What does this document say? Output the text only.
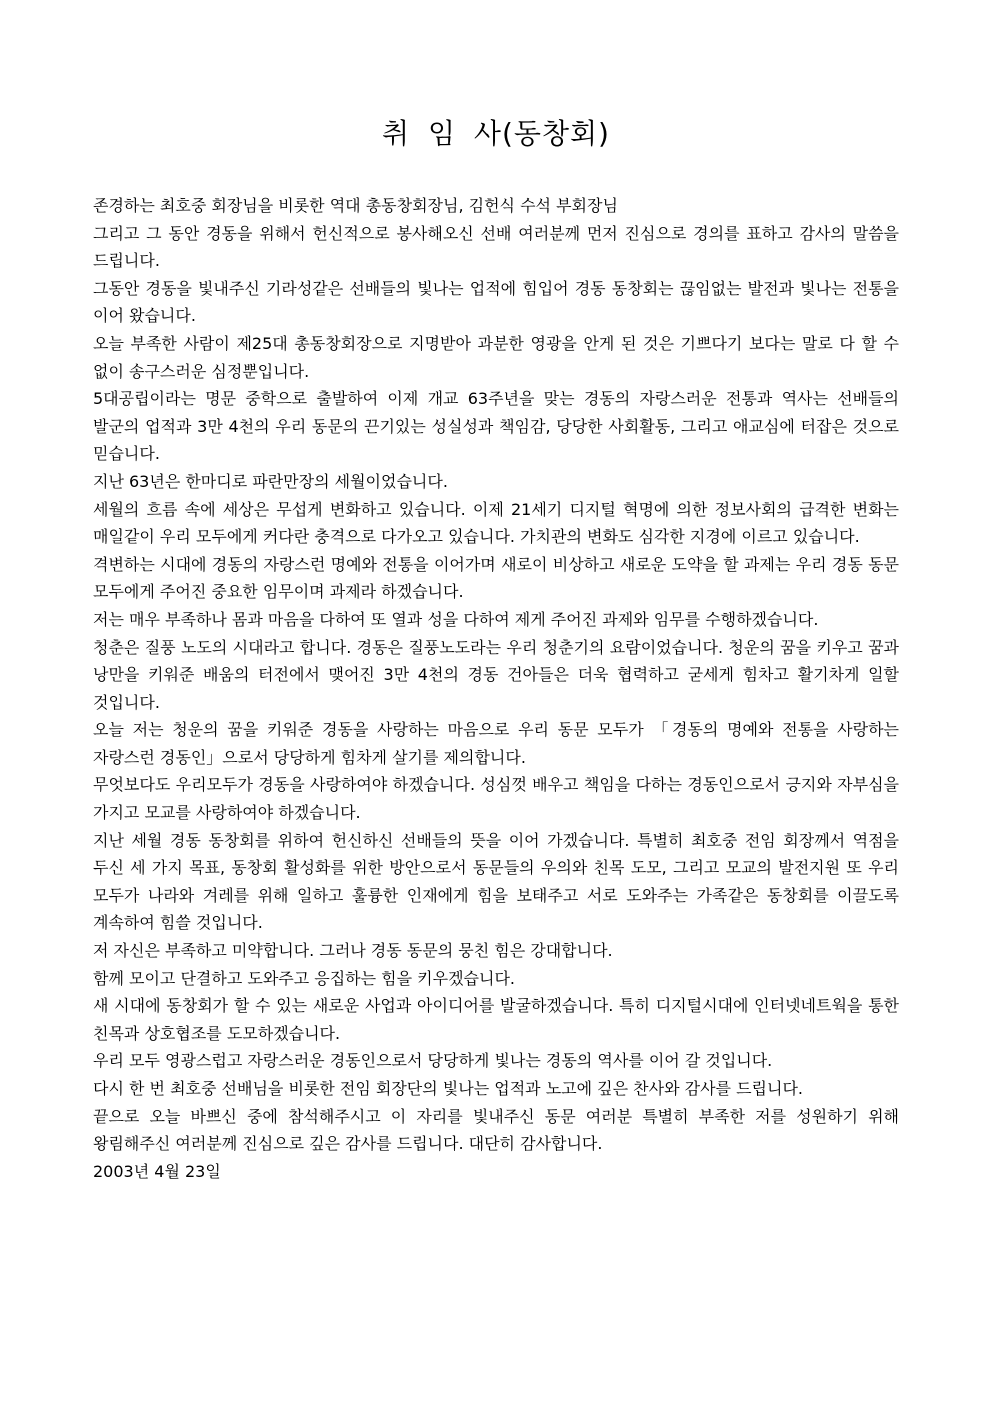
취 임 사(동창회)

존경하는 최호중 회장님을 비롯한 역대 총동창회장님, 김헌식 수석 부회장님

그리고 그 동안 경동을 위해서 헌신적으로 봉사해오신 선배 여러분께 먼저 진심으로 경의를 표하고 감사의 말씀을 드립니다.

그동안 경동을 빛내주신 기라성같은 선배들의 빛나는 업적에 힘입어 경동 동창회는 끊임없는 발전과 빛나는 전통을 이어 왔습니다.

오늘 부족한 사람이 제25대 총동창회장으로 지명받아 과분한 영광을 안게 된 것은 기쁘다기 보다는 말로 다 할 수 없이 송구스러운 심정뿐입니다.

5대공립이라는 명문 중학으로 출발하여 이제 개교 63주년을 맞는 경동의 자랑스러운 전통과 역사는 선배들의 발군의 업적과 3만 4천의 우리 동문의 끈기있는 성실성과 책임감, 당당한 사회활동, 그리고 애교심에 터잡은 것으로 믿습니다.

지난 63년은 한마디로 파란만장의 세월이었습니다.

세월의 흐름 속에 세상은 무섭게 변화하고 있습니다. 이제 21세기 디지털 혁명에 의한 정보사회의 급격한 변화는 매일같이 우리 모두에게 커다란 충격으로 다가오고 있습니다. 가치관의 변화도 심각한 지경에 이르고 있습니다.

격변하는 시대에 경동의 자랑스런 명예와 전통을 이어가며 새로이 비상하고 새로운 도약을 할 과제는 우리 경동 동문 모두에게 주어진 중요한 임무이며 과제라 하겠습니다.

저는 매우 부족하나 몸과 마음을 다하여 또 열과 성을 다하여 제게 주어진 과제와 임무를 수행하겠습니다.

청춘은 질풍 노도의 시대라고 합니다. 경동은 질풍노도라는 우리 청춘기의 요람이었습니다. 청운의 꿈을 키우고 꿈과 낭만을 키워준 배움의 터전에서 맺어진 3만 4천의 경동 건아들은 더욱 협력하고 굳세게 힘차고 활기차게 일할 것입니다.

오늘 저는 청운의 꿈을 키워준 경동을 사랑하는 마음으로 우리 동문 모두가 「경동의 명예와 전통을 사랑하는 자랑스런 경동인」으로서 당당하게 힘차게 살기를 제의합니다.

무엇보다도 우리모두가 경동을 사랑하여야 하겠습니다. 성심껏 배우고 책임을 다하는 경동인으로서 긍지와 자부심을 가지고 모교를 사랑하여야 하겠습니다.

지난 세월 경동 동창회를 위하여 헌신하신 선배들의 뜻을 이어 가겠습니다. 특별히 최호중 전임 회장께서 역점을 두신 세 가지 목표, 동창회 활성화를 위한 방안으로서 동문들의 우의와 친목 도모, 그리고 모교의 발전지원 또 우리 모두가 나라와 겨레를 위해 일하고 훌륭한 인재에게 힘을 보태주고 서로 도와주는 가족같은 동창회를 이끌도록 계속하여 힘쓸 것입니다.

저 자신은 부족하고 미약합니다. 그러나 경동 동문의 뭉친 힘은 강대합니다.

함께 모이고 단결하고 도와주고 응집하는 힘을 키우겠습니다.

새 시대에 동창회가 할 수 있는 새로운 사업과 아이디어를 발굴하겠습니다. 특히 디지털시대에 인터넷네트웍을 통한 친목과 상호협조를 도모하겠습니다.

우리 모두 영광스럽고 자랑스러운 경동인으로서 당당하게 빛나는 경동의 역사를 이어 갈 것입니다.

다시 한 번 최호중 선배님을 비롯한 전임 회장단의 빛나는 업적과 노고에 깊은 찬사와 감사를 드립니다.

끝으로 오늘 바쁘신 중에 참석해주시고 이 자리를 빛내주신 동문 여러분 특별히 부족한 저를 성원하기 위해 왕림해주신 여러분께 진심으로 깊은 감사를 드립니다. 대단히 감사합니다.

2003년 4월 23일
